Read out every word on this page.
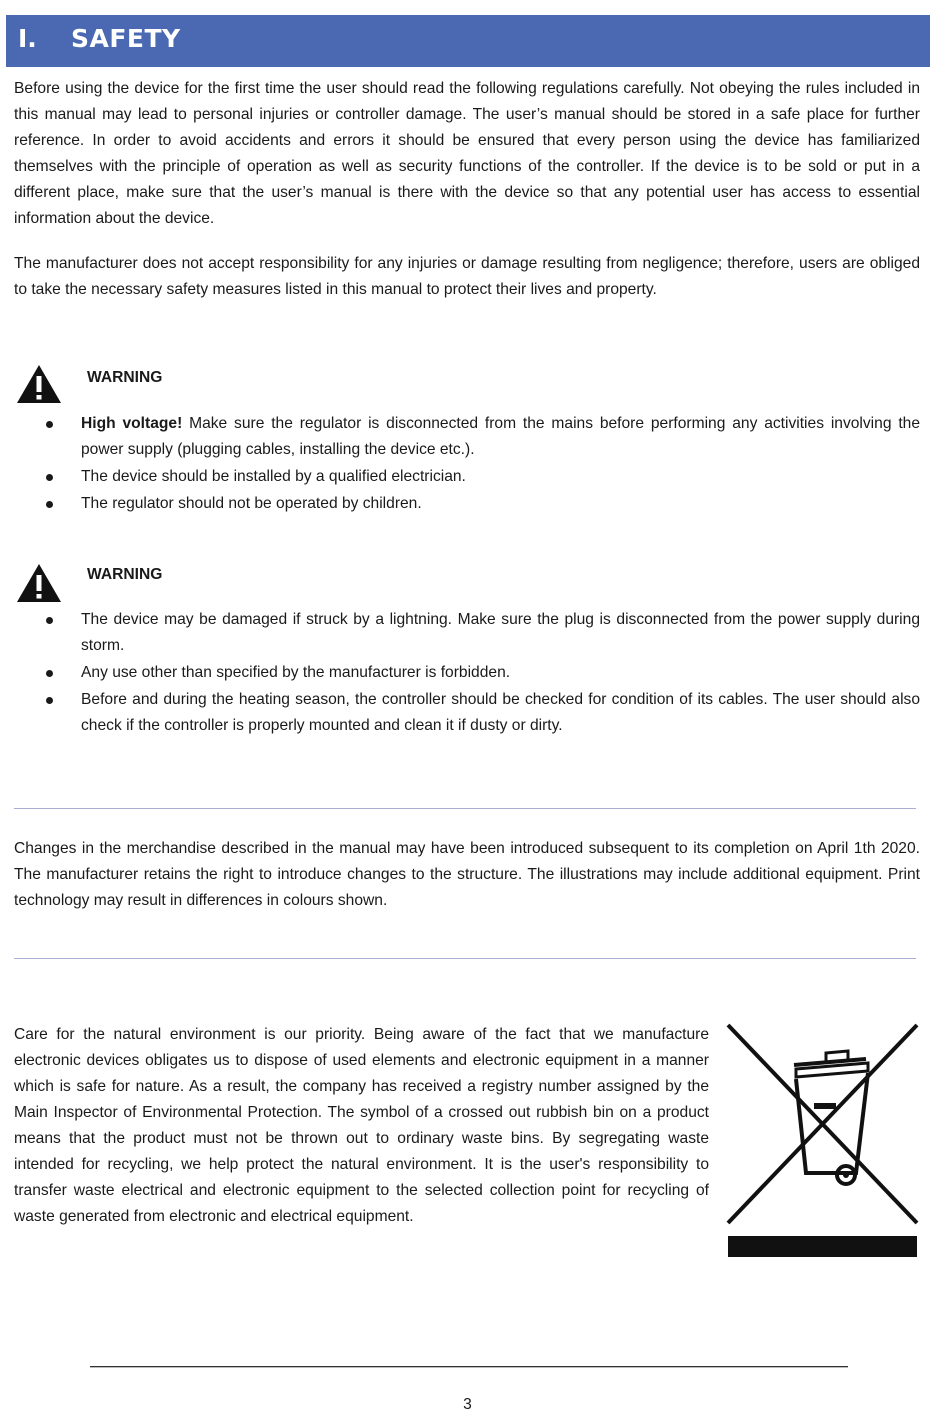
I. SAFETY

Before using the device for the first time the user should read the following regulations carefully. Not obeying the rules included in this manual may lead to personal injuries or controller damage. The user’s manual should be stored in a safe place for further reference. In order to avoid accidents and errors it should be ensured that every person using the device has familiarized themselves with the principle of operation as well as security functions of the controller. If the device is to be sold or put in a different place, make sure that the user’s manual is there with the device so that any potential user has access to essential information about the device.

The manufacturer does not accept responsibility for any injuries or damage resulting from negligence; therefore, users are obliged to take the necessary safety measures listed in this manual to protect their lives and property.

WARNING
High voltage! Make sure the regulator is disconnected from the mains before performing any activities involving the power supply (plugging cables, installing the device etc.).
The device should be installed by a qualified electrician.
The regulator should not be operated by children.
WARNING
The device may be damaged if struck by a lightning. Make sure the plug is disconnected from the power supply during storm.
Any use other than specified by the manufacturer is forbidden.
Before and during the heating season, the controller should be checked for condition of its cables. The user should also check if the controller is properly mounted and clean it if dusty or dirty.

Changes in the merchandise described in the manual may have been introduced subsequent to its completion on April 1th 2020. The manufacturer retains the right to introduce changes to the structure. The illustrations may include additional equipment. Print technology may result in differences in colours shown.

Care for the natural environment is our priority. Being aware of the fact that we manufacture electronic devices obligates us to dispose of used elements and electronic equipment in a manner which is safe for nature. As a result, the company has received a registry number assigned by the Main Inspector of Environmental Protection. The symbol of a crossed out rubbish bin on a product means that the product must not be thrown out to ordinary waste bins. By segregating waste intended for recycling, we help protect the natural environment. It is the user's responsibility to transfer waste electrical and electronic equipment to the selected collection point for recycling of waste generated from electronic and electrical equipment.

3
